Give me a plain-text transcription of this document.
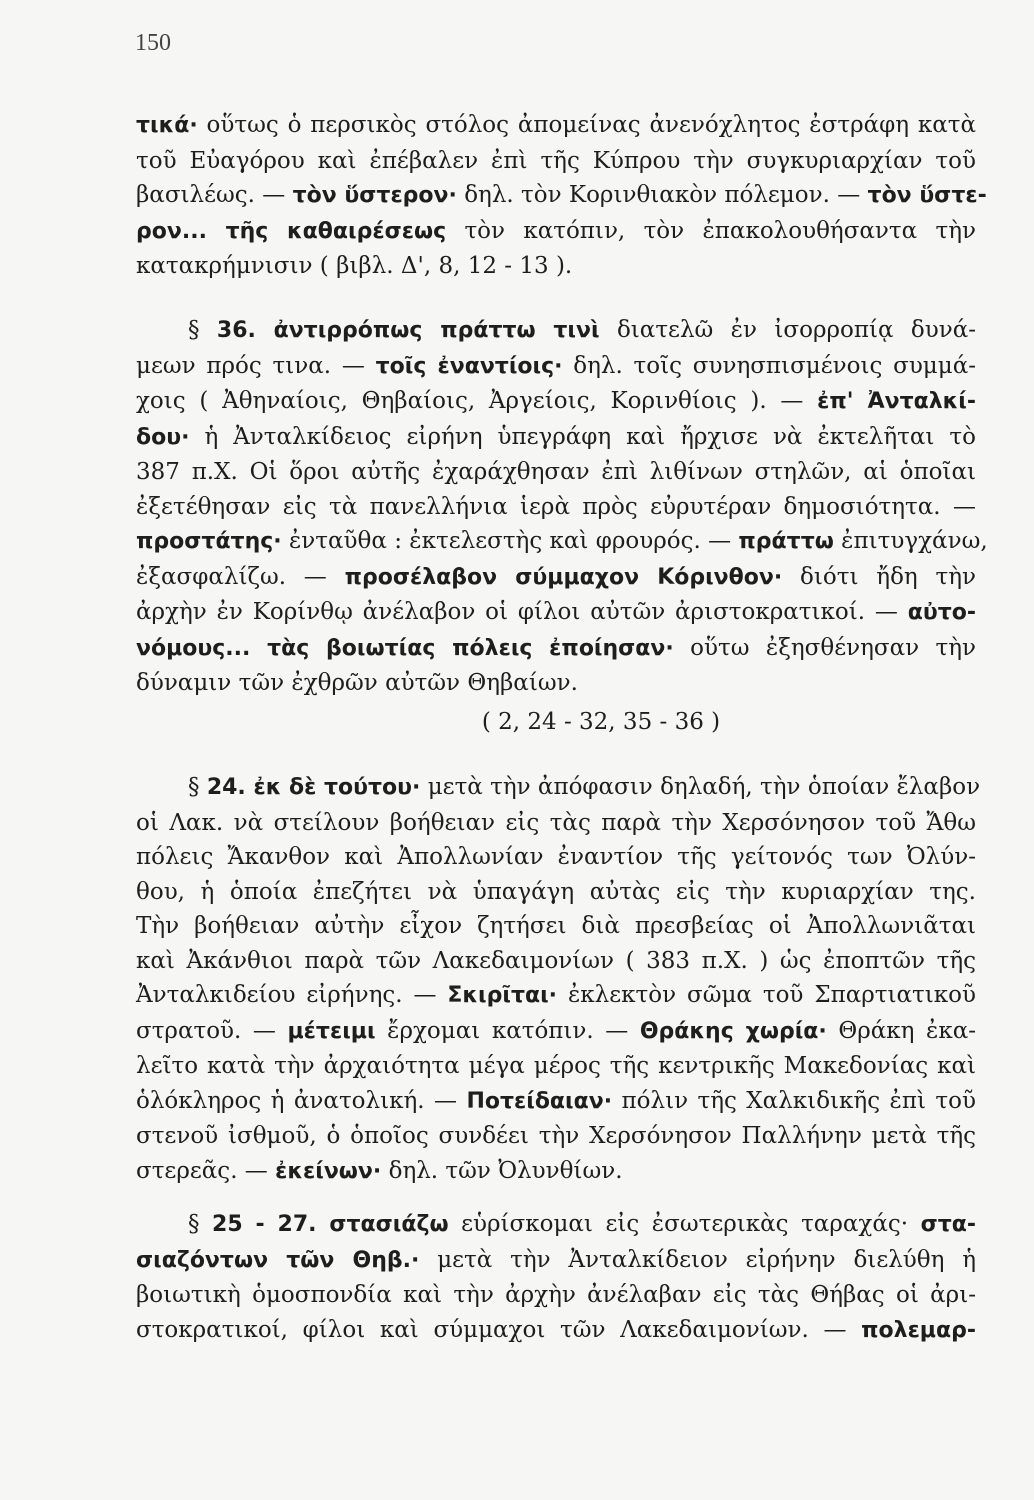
150
τικά· οὕτως ὁ περσικὸς στόλος ἀπομείνας ἀνενόχλητος ἐστράφη κατὰ
τοῦ Εὐαγόρου καὶ ἐπέβαλεν ἐπὶ τῆς Κύπρου τὴν συγκυριαρχίαν τοῦ
βασιλέως. — τὸν ὕστερον· δηλ. τὸν Κορινθιακὸν πόλεμον. — τὸν ὕστε-
ρον... τῆς καθαιρέσεως τὸν κατόπιν, τὸν ἐπακολουθήσαντα τὴν
κατακρήμνισιν ( βιβλ. Δ', 8, 12 - 13 ).
§ 36. ἀντιρρόπως πράττω τινὶ διατελῶ ἐν ἰσορροπίᾳ δυνά-
μεων πρός τινα. — τοῖς ἐναντίοις· δηλ. τοῖς συνησπισμένοις συμμά-
χοις ( Ἀθηναίοις, Θηβαίοις, Ἀργείοις, Κορινθίοις ). — ἐπ' Ἀνταλκί-
δου· ἡ Ἀνταλκίδειος εἰρήνη ὑπεγράφη καὶ ἤρχισε νὰ ἐκτελῆται τὸ
387 π.Χ. Οἱ ὅροι αὐτῆς ἐχαράχθησαν ἐπὶ λιθίνων στηλῶν, αἱ ὁποῖαι
ἐξετέθησαν εἰς τὰ πανελλήνια ἱερὰ πρὸς εὐρυτέραν δημοσιότητα. —
προστάτης· ἐνταῦθα : ἐκτελεστὴς καὶ φρουρός. — πράττω ἐπιτυγχάνω,
ἐξασφαλίζω. — προσέλαβον σύμμαχον Κόρινθον· διότι ἤδη τὴν
ἀρχὴν ἐν Κορίνθῳ ἀνέλαβον οἱ φίλοι αὐτῶν ἀριστοκρατικοί. — αὐτο-
νόμους... τὰς βοιωτίας πόλεις ἐποίησαν· οὕτω ἐξησθένησαν τὴν
δύναμιν τῶν ἐχθρῶν αὐτῶν Θηβαίων.
( 2, 24 - 32, 35 - 36 )
§ 24. ἐκ δὲ τούτου· μετὰ τὴν ἀπόφασιν δηλαδή, τὴν ὁποίαν ἔλαβον
οἱ Λακ. νὰ στείλουν βοήθειαν εἰς τὰς παρὰ τὴν Χερσόνησον τοῦ Ἄθω
πόλεις Ἄκανθον καὶ Ἀπολλωνίαν ἐναντίον τῆς γείτονός των Ὀλύν-
θου, ἡ ὁποία ἐπεζήτει νὰ ὑπαγάγη αὐτὰς εἰς τὴν κυριαρχίαν της.
Τὴν βοήθειαν αὐτὴν εἶχον ζητήσει διὰ πρεσβείας οἱ Ἀπολλωνιᾶται
καὶ Ἀκάνθιοι παρὰ τῶν Λακεδαιμονίων ( 383 π.Χ. ) ὡς ἐποπτῶν τῆς
Ἀνταλκιδείου εἰρήνης. — Σκιρῖται· ἐκλεκτὸν σῶμα τοῦ Σπαρτιατικοῦ
στρατοῦ. — μέτειμι ἔρχομαι κατόπιν. — Θράκης χωρία· Θράκη ἐκα-
λεῖτο κατὰ τὴν ἀρχαιότητα μέγα μέρος τῆς κεντρικῆς Μακεδονίας καὶ
ὁλόκληρος ἡ ἀνατολική. — Ποτείδαιαν· πόλιν τῆς Χαλκιδικῆς ἐπὶ τοῦ
στενοῦ ἰσθμοῦ, ὁ ὁποῖος συνδέει τὴν Χερσόνησον Παλλήνην μετὰ τῆς
στερεᾶς. — ἐκείνων· δηλ. τῶν Ὀλυνθίων.
§ 25 - 27. στασιάζω εὑρίσκομαι εἰς ἐσωτερικὰς ταραχάς· στα-
σιαζόντων τῶν Θηβ.· μετὰ τὴν Ἀνταλκίδειον εἰρήνην διελύθη ἡ
βοιωτικὴ ὁμοσπονδία καὶ τὴν ἀρχὴν ἀνέλαβαν εἰς τὰς Θήβας οἱ ἀρι-
στοκρατικοί, φίλοι καὶ σύμμαχοι τῶν Λακεδαιμονίων. — πολεμαρ-
